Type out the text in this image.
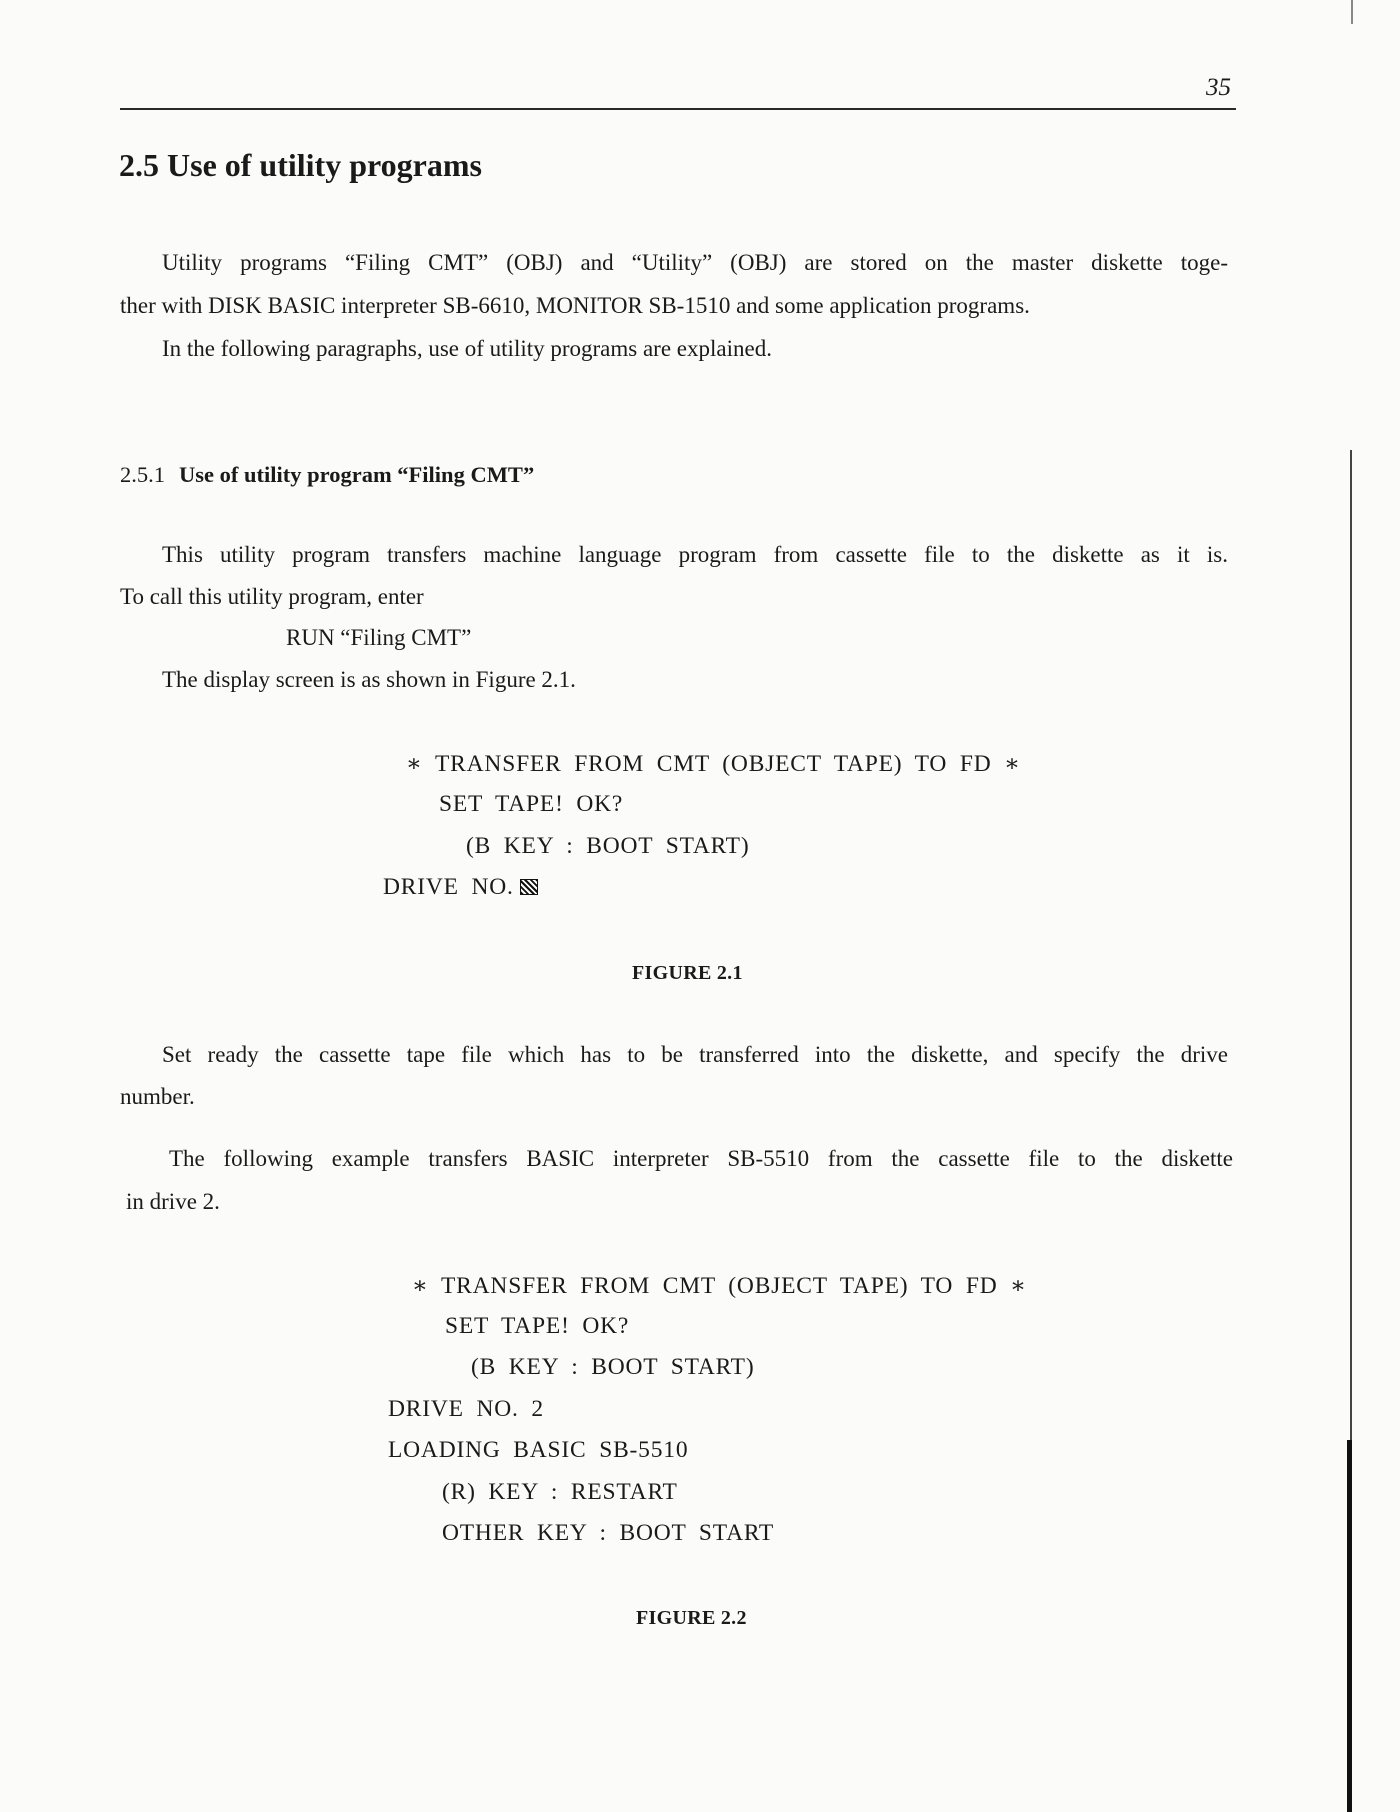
35
2.5 Use of utility programs
Utility programs “Filing CMT” (OBJ) and “Utility” (OBJ) are stored on the master diskette toge-
ther with DISK BASIC interpreter SB-6610, MONITOR SB-1510 and some application programs.
In the following paragraphs, use of utility programs are explained.
2.5.1 Use of utility program “Filing CMT”
This utility program transfers machine language program from cassette file to the diskette as it is.
To call this utility program, enter
RUN “Filing CMT”
The display screen is as shown in Figure 2.1.
∗ TRANSFER FROM CMT (OBJECT TAPE) TO FD ∗
SET TAPE! OK?
(B KEY : BOOT START)
DRIVE NO.
FIGURE 2.1
Set ready the cassette tape file which has to be transferred into the diskette, and specify the drive
number.
The following example transfers BASIC interpreter SB-5510 from the cassette file to the diskette
in drive 2.
∗ TRANSFER FROM CMT (OBJECT TAPE) TO FD ∗
SET TAPE! OK?
(B KEY : BOOT START)
DRIVE NO. 2
LOADING BASIC SB-5510
(R) KEY : RESTART
OTHER KEY : BOOT START
FIGURE 2.2
